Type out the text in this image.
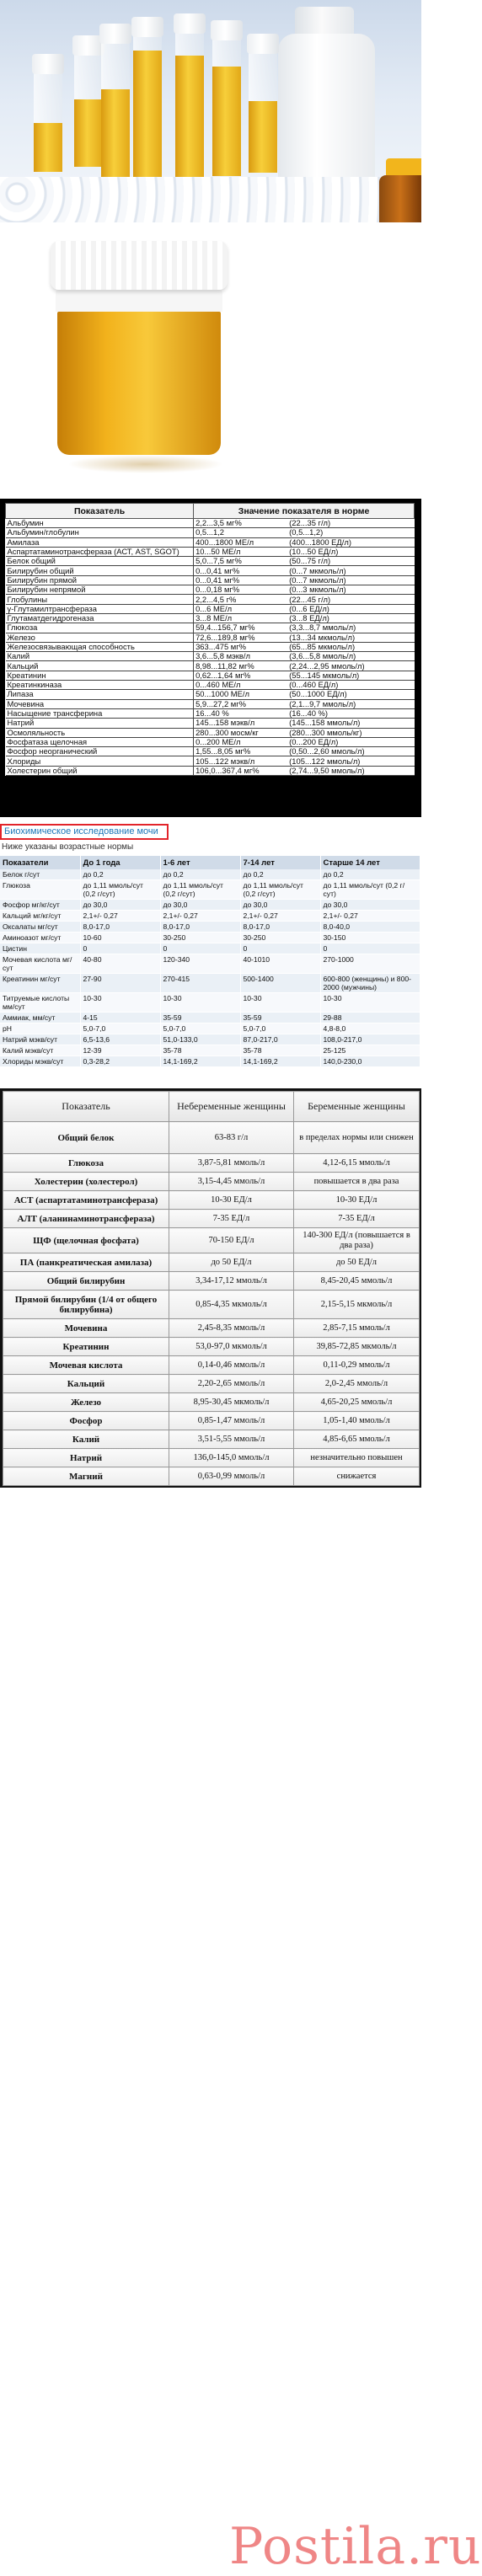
Показатель	Значение показателя в норме	
Альбумин	2,2...3,5 мг%	(22...35 г/л)
Альбумин/глобулин	0,5...1,2	(0,5...1,2)
Амилаза	400...1800 МЕ/л	(400...1800 ЕД/л)
Аспартатаминотрансфераза (АСТ, AST, SGOT)	10...50 МЕ/л	(10...50 ЕД/л)
Белок общий	5,0...7,5 мг%	(50...75 г/л)
Билирубин общий	0...0,41 мг%	(0...7 мкмоль/л)
Билирубин прямой	0...0,41 мг%	(0...7 мкмоль/л)
Билирубин непрямой	0...0,18 мг%	(0...3 мкмоль/л)
Глобулины	2,2...4,5 г%	(22...45 г/л)
γ-Глутамилтрансфераза	0...6 МЕ/л	(0...6 ЕД/л)
Глутаматдегидрогеназа	3...8 МЕ/л	(3...8 ЕД/л)
Глюкоза	59,4...156,7 мг%	(3,3...8,7 ммоль/л)
Железо	72,6...189,8 мг%	(13...34 мкмоль/л)
Железосвязывающая способность	363...475 мг%	(65...85 мкмоль/л)
Калий	3,6...5,8 мэкв/л	(3,6...5,8 ммоль/л)
Кальций	8,98...11,82 мг%	(2,24...2,95 ммоль/л)
Креатинин	0,62...1,64 мг%	(55...145 мкмоль/л)
Креатинкиназа	0...460 МЕ/л	(0...460 ЕД/л)
Липаза	50...1000 МЕ/л	(50...1000 ЕД/л)
Мочевина	5,9...27,2 мг%	(2,1...9,7 ммоль/л)
Насыщение трансферина	16...40 %	(16...40 %)
Натрий	145...158 мэкв/л	(145...158 ммоль/л)
Осмоляльность	280...300 мосм/кг	(280...300 ммоль/кг)
Фосфатаза щелочная	0...200 МЕ/л	(0...200 ЕД/л)
Фосфор неорганический	1,55...8,05 мг%	(0,50...2,60 ммоль/л)
Хлориды	105...122 мэкв/л	(105...122 ммоль/л)
Холестерин общий	106,0...367,4 мг%	(2,74...9,50 ммоль/л)
Биохимическое исследование мочи
Ниже указаны возрастные нормы
Показатели	До 1 года	1-6 лет	7-14 лет	Старше 14 лет
Белок г/сут	до 0,2	до 0,2	до 0,2	до 0,2
Глюкоза	до 1,11 ммоль/сут (0,2 г/сут)	до 1,11 ммоль/сут (0,2 г/сут)	до 1,11 ммоль/сут (0,2 г/сут)	до 1,11 ммоль/сут (0,2 г/сут)
Фосфор мг/кг/сут	до 30,0	до 30,0	до 30,0	до 30,0
Кальций мг/кг/сут	2,1+/- 0,27	2,1+/- 0,27	2,1+/- 0,27	2,1+/- 0,27
Оксалаты мг/сут	8,0-17,0	8,0-17,0	8,0-17,0	8,0-40,0
Аминоазот мг/сут	10-60	30-250	30-250	30-150
Цистин	0	0	0	0
Мочевая кислота мг/сут	40-80	120-340	40-1010	270-1000
Креатинин мг/сут	27-90	270-415	500-1400	600-800 (женщины) и 800-2000 (мужчины)
Титруемые кислоты мм/сут	10-30	10-30	10-30	10-30
Аммиак, мм/сут	4-15	35-59	35-59	29-88
pH	5,0-7,0	5,0-7,0	5,0-7,0	4,8-8,0
Натрий мэкв/сут	6,5-13,6	51,0-133,0	87,0-217,0	108,0-217,0
Калий мэкв/сут	12-39	35-78	35-78	25-125
Хлориды мэкв/сут	0,3-28,2	14,1-169,2	14,1-169,2	140,0-230,0
Показатель	Небеременные женщины	Беременные женщины
Общий белок	63-83 г/л	в пределах нормы или снижен
Глюкоза	3,87-5,81 ммоль/л	4,12-6,15 ммоль/л
Холестерин (холестерол)	3,15-4,45 ммоль/л	повышается в два раза
АСТ (аспартатаминотрансфераза)	10-30 ЕД/л	10-30 ЕД/л
АЛТ (аланинаминотрансфераза)	7-35 ЕД/л	7-35 ЕД/л
ЩФ (щелочная фосфата)	70-150 ЕД/л	140-300 ЕД/л (повышается в два раза)
ПА (панкреатическая амилаза)	до 50 ЕД/л	до 50 ЕД/л
Общий билирубин	3,34-17,12 ммоль/л	8,45-20,45 ммоль/л
Прямой билирубин (1/4 от общего билирубина)	0,85-4,35 мкмоль/л	2,15-5,15 мкмоль/л
Мочевина	2,45-8,35 ммоль/л	2,85-7,15 ммоль/л
Креатинин	53,0-97,0 мкмоль/л	39,85-72,85 мкмоль/л
Мочевая кислота	0,14-0,46 ммоль/л	0,11-0,29 ммоль/л
Кальций	2,20-2,65 ммоль/л	2,0-2,45 ммоль/л
Железо	8,95-30,45 мкмоль/л	4,65-20,25 ммоль/л
Фосфор	0,85-1,47 ммоль/л	1,05-1,40 ммоль/л
Калий	3,51-5,55 ммоль/л	4,85-6,65 ммоль/л
Натрий	136,0-145,0 ммоль/л	незначительно повышен
Магний	0,63-0,99 ммоль/л	снижается
Postila.ru
